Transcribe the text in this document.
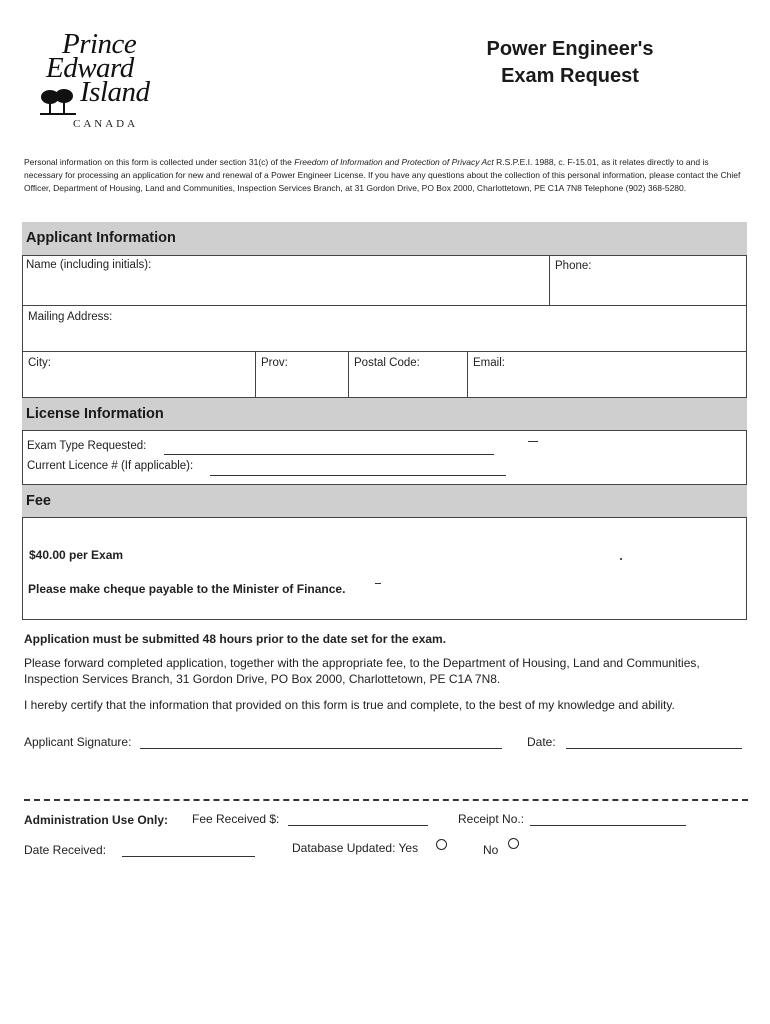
Prince
Edward
Island
CANADA
Power Engineer's
Exam Request
Personal information on this form is collected under section 31(c) of the Freedom of Information and Protection of Privacy Act R.S.P.E.I. 1988, c. F-15.01, as it relates directly to and is necessary for processing an application for new and renewal of a Power Engineer License. If you have any questions about the collection of this personal information, please contact the Chief Officer, Department of Housing, Land and Communities, Inspection Services Branch, at 31 Gordon Drive, PO Box 2000, Charlottetown, PE C1A 7N8 Telephone (902) 368-5280.
Applicant Information
Name (including initials):	Phone:
Mailing Address:
City:	Prov:	Postal Code:	Email:
License Information
Exam Type Requested:
Current Licence # (If applicable):
Fee
$40.00 per Exam
Please make cheque payable to the Minister of Finance.
Application must be submitted 48 hours prior to the date set for the exam.
Please forward completed application, together with the appropriate fee, to the Department of Housing, Land and Communities, Inspection Services Branch, 31 Gordon Drive, PO Box 2000, Charlottetown, PE C1A 7N8.
I hereby certify that the information that provided on this form is true and complete, to the best of my knowledge and ability.
Applicant Signature:	Date:
Administration Use Only: Fee Received $:	Receipt No.:
Date Received:	Database Updated: Yes	No
